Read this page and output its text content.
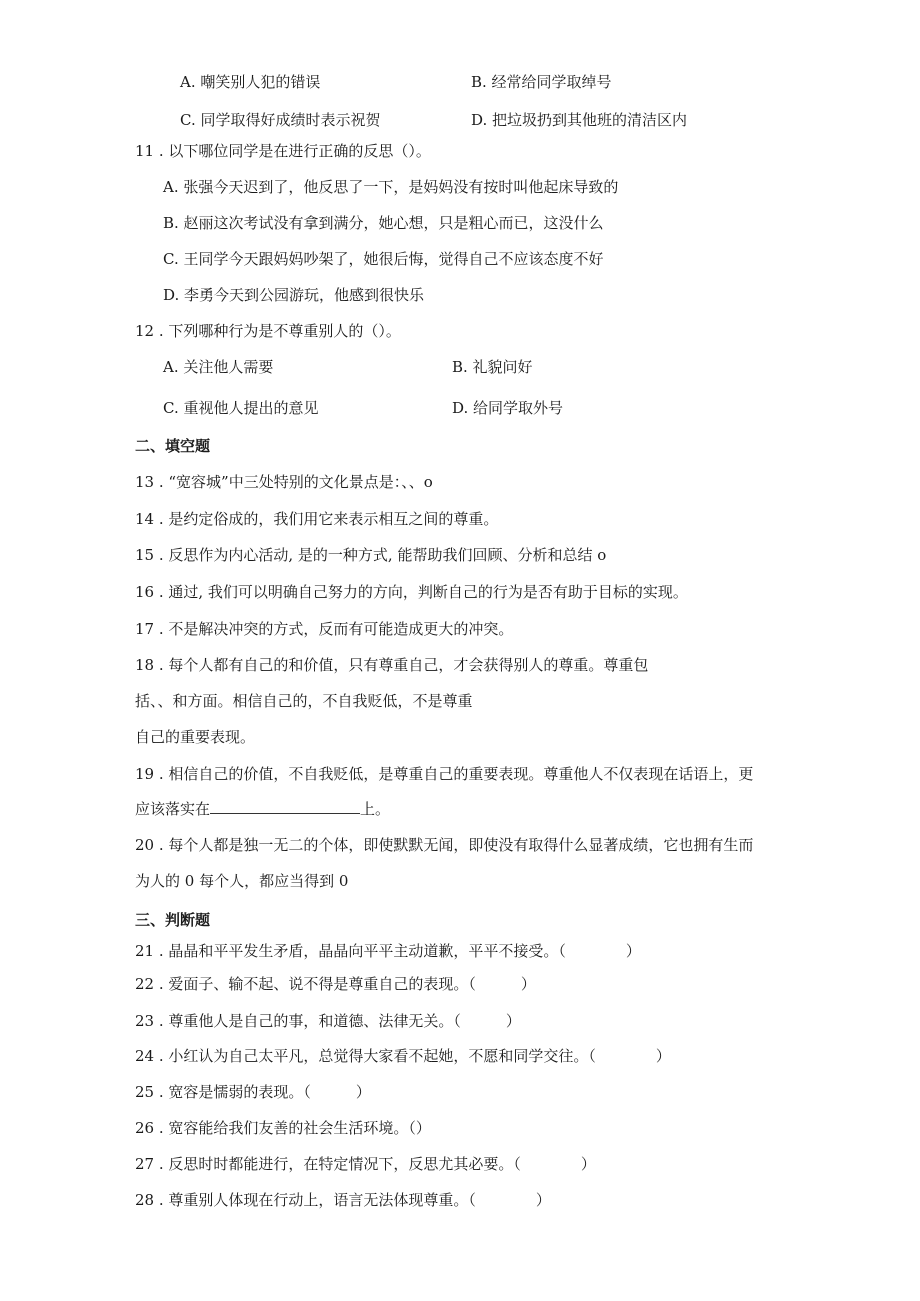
A. 嘲笑别人犯的错误	B. 经常给同学取绰号
C. 同学取得好成绩时表示祝贺	D. 把垃圾扔到其他班的清洁区内
11 . 以下哪位同学是在进行正确的反思（）。
A. 张强今天迟到了，他反思了一下，是妈妈没有按时叫他起床导致的
B. 赵丽这次考试没有拿到满分，她心想，只是粗心而已，这没什么
C. 王同学今天跟妈妈吵架了，她很后悔，觉得自己不应该态度不好
D. 李勇今天到公园游玩，他感到很快乐
12 . 下列哪种行为是不尊重别人的（）。
A. 关注他人需要	B. 礼貌问好
C. 重视他人提出的意见	D. 给同学取外号
二、填空题
13 . “宽容城”中三处特别的文化景点是：、、o
14 . 是约定俗成的，我们用它来表示相互之间的尊重。
15 . 反思作为内心活动, 是的一种方式, 能帮助我们回顾、分析和总结 o
16 . 通过, 我们可以明确自己努力的方向，判断自己的行为是否有助于目标的实现。
17 . 不是解决冲突的方式，反而有可能造成更大的冲突。
18 . 每个人都有自己的和价值，只有尊重自己，才会获得别人的尊重。尊重包
括、、和方面。相信自己的，不自我贬低，不是尊重
自己的重要表现。
19 . 相信自己的价值，不自我贬低，是尊重自己的重要表现。尊重他人不仅表现在话语上，更
应该落实在	上。
20 . 每个人都是独一无二的个体，即使默默无闻，即使没有取得什么显著成绩，它也拥有生而
为人的 0 每个人，都应当得到 0
三、判断题
21 . 晶晶和平平发生矛盾，晶晶向平平主动道歉，平平不接受。（　　　　）
22 . 爱面子、输不起、说不得是尊重自己的表现。（　　　）
23 . 尊重他人是自己的事，和道德、法律无关。（　　　）
24 . 小红认为自己太平凡，总觉得大家看不起她，不愿和同学交往。（　　　　）
25 . 宽容是懦弱的表现。（　　　）
26 . 宽容能给我们友善的社会生活环境。（）
27 . 反思时时都能进行，在特定情况下，反思尤其必要。（　　　　）
28 . 尊重别人体现在行动上，语言无法体现尊重。（　　　　）
